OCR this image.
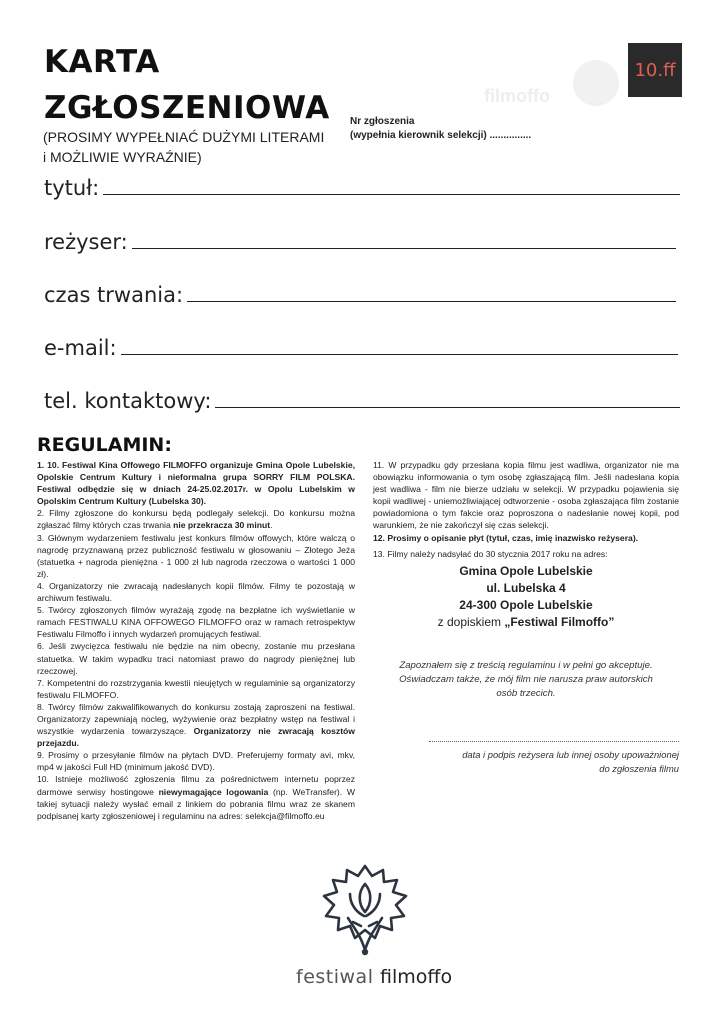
KARTA
ZGŁOSZENIOWA
(PROSIMY WYPEŁNIAĆ DUŻYMI LITERAMI
i MOŻLIWIE WYRAŹNIE)
Nr zgłoszenia
(wypełnia kierownik selekcji) ...............
filmoffo
10.ff
tytuł:
reżyser:
czas trwania:
e-mail:
tel. kontaktowy:
REGULAMIN:

1. 10. Festiwal Kina Offowego FILMOFFO organizuje Gmina Opole Lubelskie, Opolskie Centrum Kultury i nieformalna grupa SORRY FILM POLSKA. Festiwal odbędzie się w dniach 24-25.02.2017r. w Opolu Lubelskim w Opolskim Centrum Kultury (Lubelska 30).

2. Filmy zgłoszone do konkursu będą podlegały selekcji. Do konkursu można zgłaszać filmy których czas trwania nie przekracza 30 minut.

3. Głównym wydarzeniem festiwalu jest konkurs filmów offowych, które walczą o nagrodę przyznawaną przez publiczność festiwalu w głosowaniu – Złotego Jeża (statuetka + nagroda pieniężna - 1 000 zł lub nagroda rzeczowa o wartości 1 000 zł).

4. Organizatorzy nie zwracają nadesłanych kopii filmów. Filmy te pozostają w archiwum festiwalu.

5. Twórcy zgłoszonych filmów wyrażają zgodę na bezpłatne ich wyświetlanie w ramach FESTIWALU KINA OFFOWEGO FILMOFFO oraz w ramach retrospektyw Festiwalu Filmoffo i innych wydarzeń promujących festiwal.

6. Jeśli zwycięzca festiwalu nie będzie na nim obecny, zostanie mu przesłana statuetka. W takim wypadku traci natomiast prawo do nagrody pieniężnej lub rzeczowej.

7. Kompetentni do rozstrzygania kwestii nieujętych w regulaminie są organizatorzy festiwalu FILMOFFO.

8. Twórcy filmów zakwalifikowanych do konkursu zostają zaproszeni na festiwal. Organizatorzy zapewniają nocleg, wyżywienie oraz bezpłatny wstęp na festiwal i wszystkie wydarzenia towarzyszące. Organizatorzy nie zwracają kosztów przejazdu.

9. Prosimy o przesyłanie filmów na płytach DVD. Preferujemy formaty avi, mkv, mp4 w jakości Full HD (minimum jakość DVD).

10. Istnieje możliwość zgłoszenia filmu za pośrednictwem internetu poprzez darmowe serwisy hostingowe niewymagające logowania (np. WeTransfer). W takiej sytuacji należy wysłać email z linkiem do pobrania filmu wraz ze skanem podpisanej karty zgłoszeniowej i regulaminu na adres: selekcja@filmoffo.eu

11. W przypadku gdy przesłana kopia filmu jest wadliwa, organizator nie ma obowiązku informowania o tym osobę zgłaszającą film. Jeśli nadesłana kopia jest wadliwa - film nie bierze udziału w selekcji. W przypadku pojawienia się kopii wadliwej - uniemożliwiającej odtworzenie - osoba zgłaszająca film zostanie powiadomiona o tym fakcie oraz poproszona o nadesłanie nowej kopii, pod warunkiem, że nie zakończył się czas selekcji.

12. Prosimy o opisanie płyt (tytuł, czas, imię inazwisko reżysera).

13. Filmy należy nadsyłać do 30 stycznia 2017 roku na adres:

Gmina Opole Lubelskie
ul. Lubelska 4
24-300 Opole Lubelskie
z dopiskiem „Festiwal Filmoffo”
Zapoznałem się z treścią regulaminu i w pełni go akceptuje.
Oświadczam także, że mój film nie narusza praw autorskich
osób trzecich.
data i podpis reżysera lub innej osoby upoważnionej
do zgłoszenia filmu
festiwal filmoffo
